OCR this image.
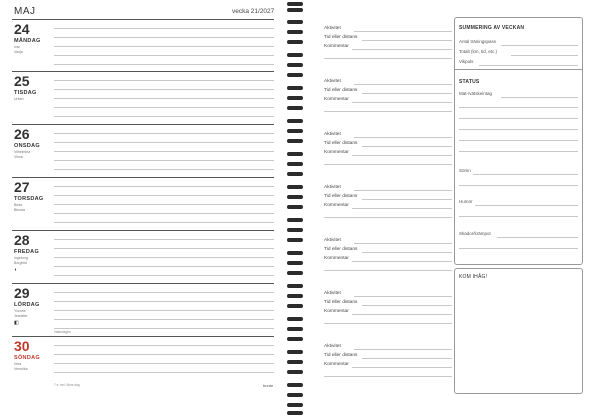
MAJ	vecka 21/2027
24
MÅNDAG
Ivar
Vanja
25
TISDAG
Urban
26
ONSDAG
Vilhelmina
Vilma
27
TORSDAG
Beda
Blenda
28
FREDAG
Ingeborg
Borghild
◗
29
LÖRDAG
Yvonne
Jeanette
◧
Vattenlagen
30
SÖNDAG
Vera
Veronika
7 e. trel. Mors dag	burde
Aktivitet
Tid eller distans
Kommentar
Aktivitet
Tid eller distans
Kommentar
Aktivitet
Tid eller distans
Kommentar
Aktivitet
Tid eller distans
Kommentar
Aktivitet
Tid eller distans
Kommentar
Aktivitet
Tid eller distans
Kommentar
Aktivitet
Tid eller distans
Kommentar
SUMMERING AV VECKAN
Antal träningspass
Totalt (km, tid, etc.)
Vikpuls
STATUS
Mat-/vätskeintag
Sömn
Humör
Skador/krämpor
KOM IHÅG!
